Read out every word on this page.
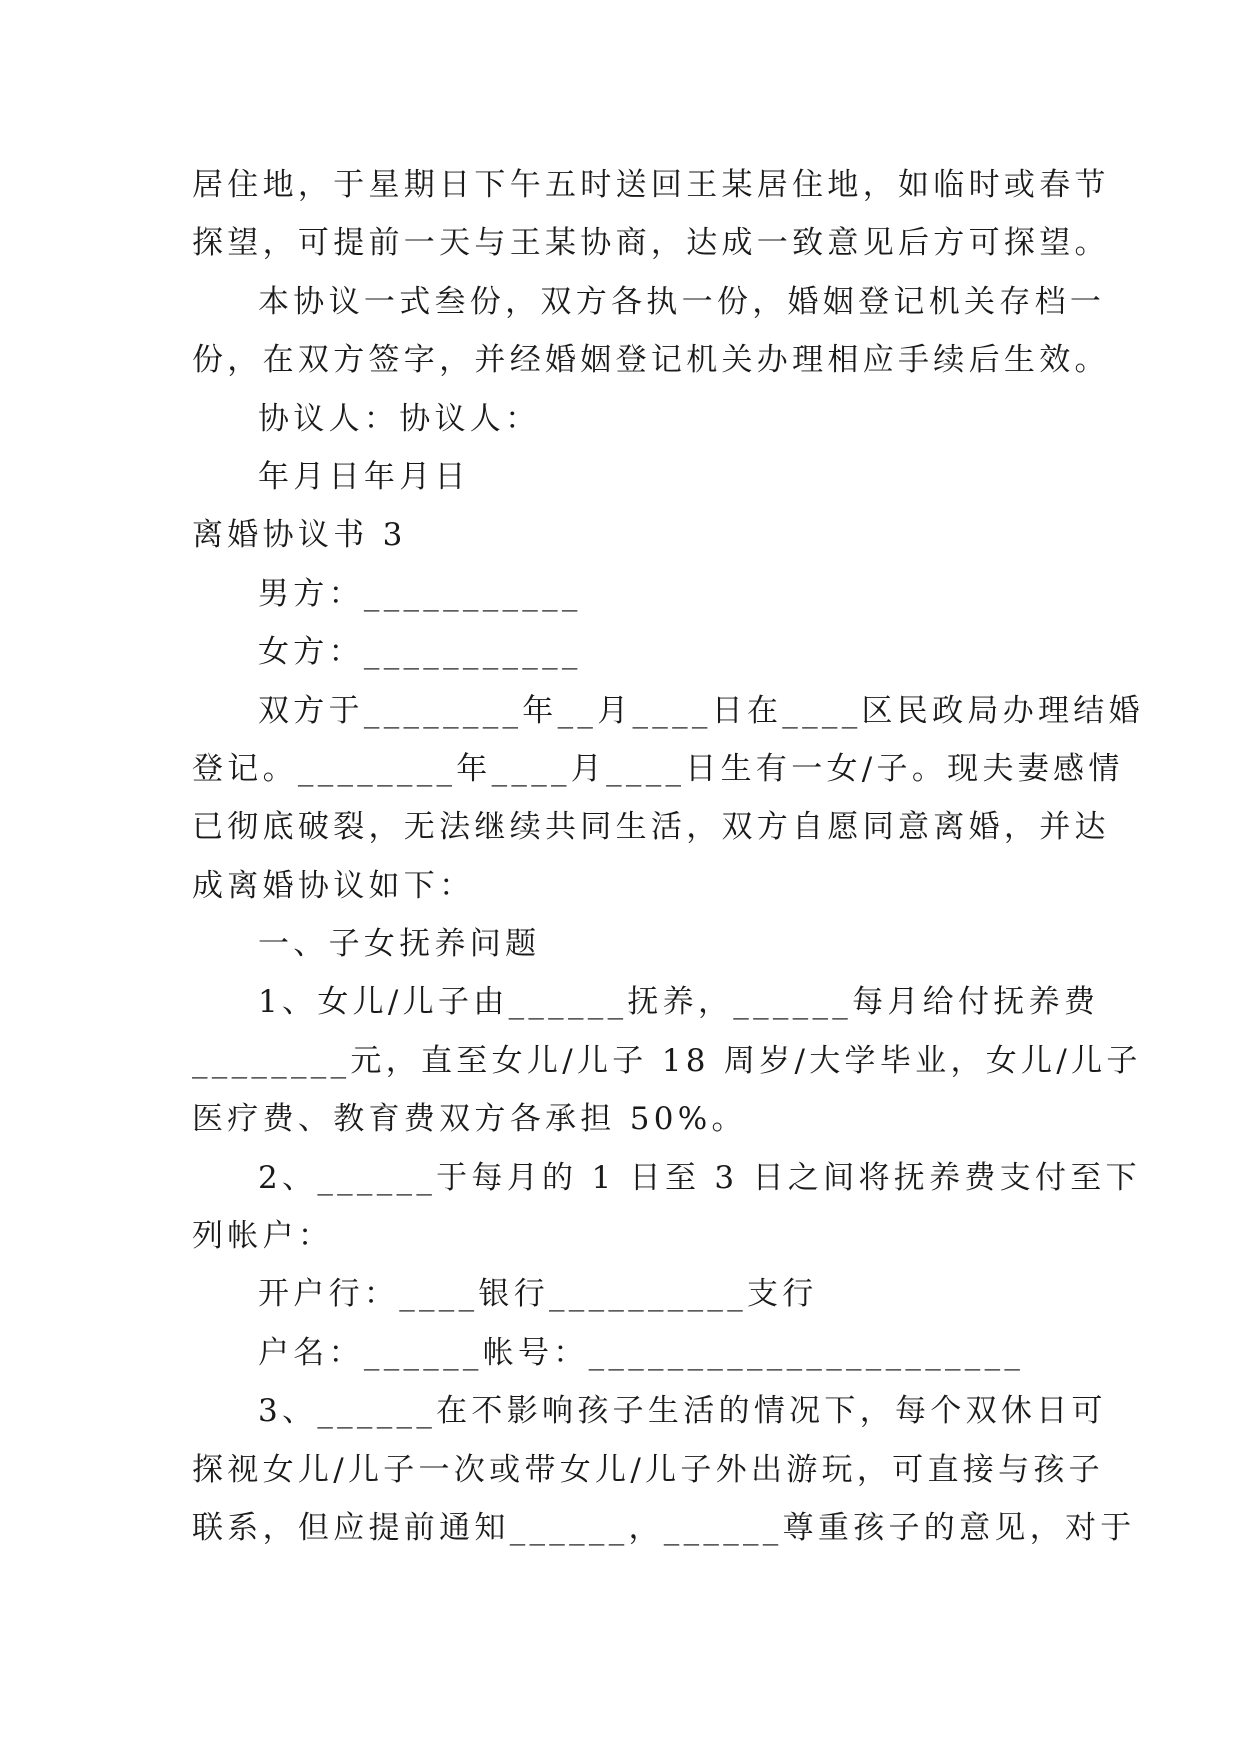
居住地，于星期日下午五时送回王某居住地，如临时或春节

探望，可提前一天与王某协商，达成一致意见后方可探望。

本协议一式叁份，双方各执一份，婚姻登记机关存档一

份，在双方签字，并经婚姻登记机关办理相应手续后生效。

协议人：协议人：

年月日年月日

离婚协议书 3

男方：___________

女方：___________

双方于________年__月____日在____区民政局办理结婚

登记。________年____月____日生有一女/子。现夫妻感情

已彻底破裂，无法继续共同生活，双方自愿同意离婚，并达

成离婚协议如下：

一、子女抚养问题

1、女儿/儿子由______抚养，______每月给付抚养费

________元，直至女儿/儿子 18 周岁/大学毕业，女儿/儿子

医疗费、教育费双方各承担 50%。

2、______于每月的 1 日至 3 日之间将抚养费支付至下

列帐户：

开户行：____银行__________支行

户名：______帐号：______________________

3、______在不影响孩子生活的情况下，每个双休日可

探视女儿/儿子一次或带女儿/儿子外出游玩，可直接与孩子

联系，但应提前通知______，______尊重孩子的意见，对于
